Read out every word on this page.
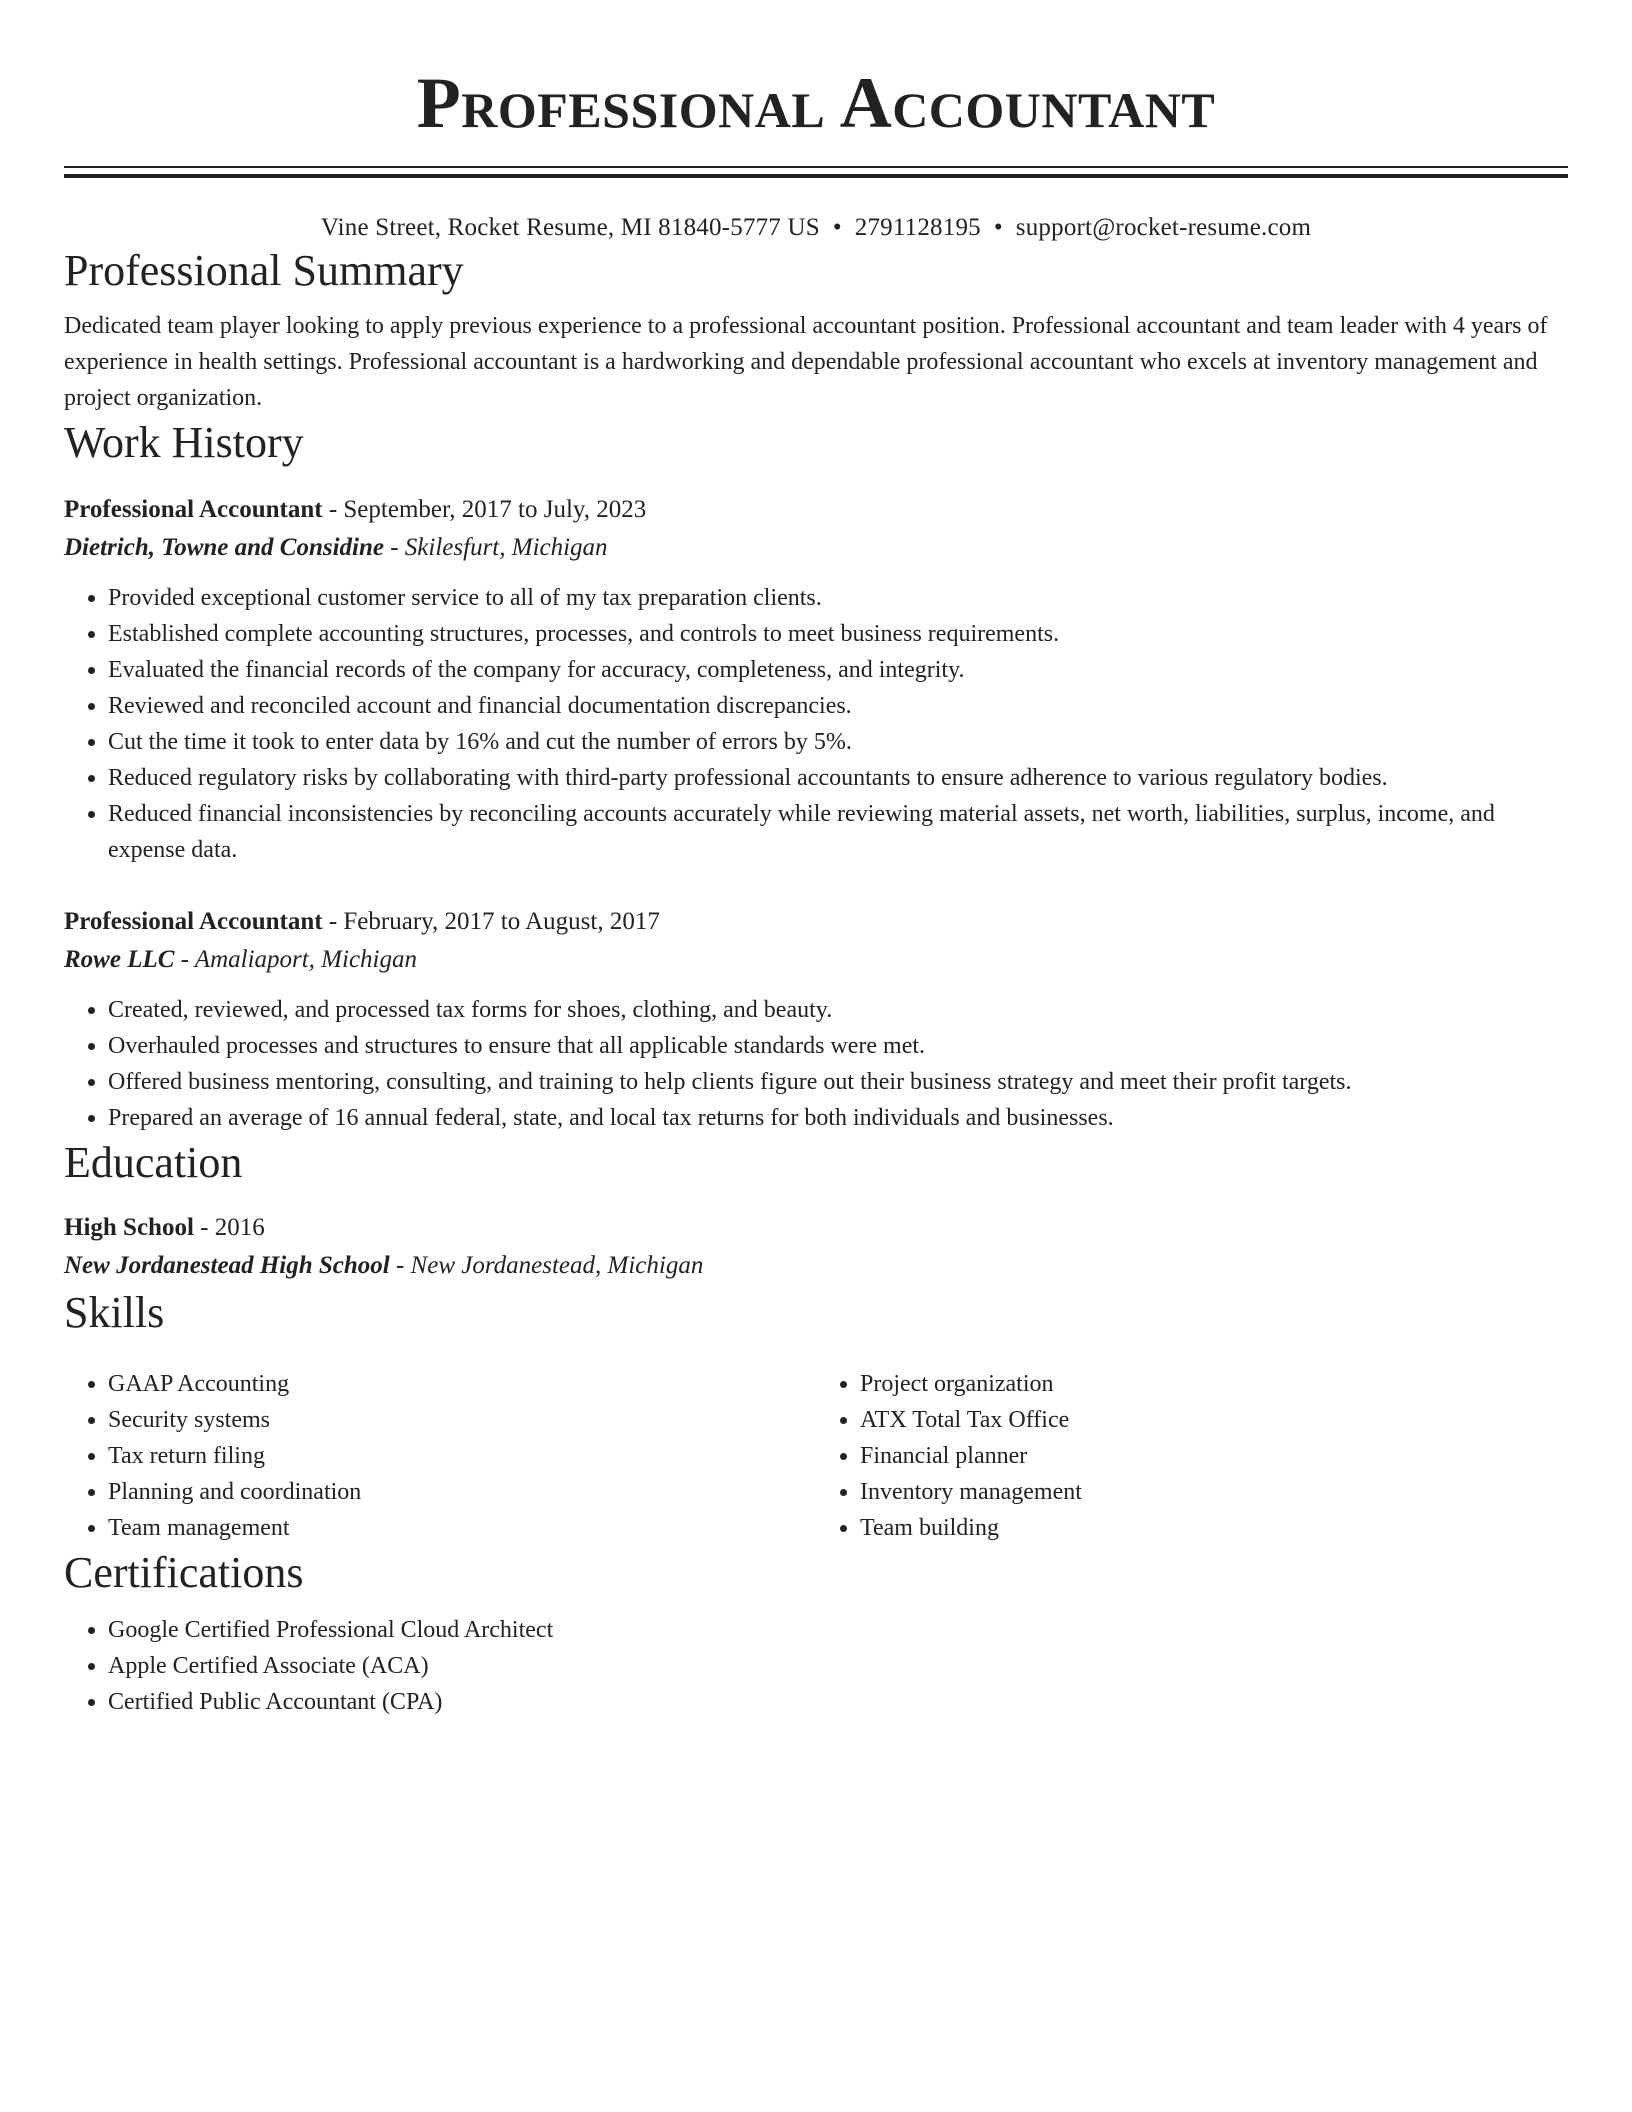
Professional Accountant
Vine Street, Rocket Resume, MI 81840-5777 US • 2791128195 • support@rocket-resume.com
Professional Summary

Dedicated team player looking to apply previous experience to a professional accountant position. Professional accountant and team leader with 4 years of experience in health settings. Professional accountant is a hardworking and dependable professional accountant who excels at inventory management and project organization.

Work History
Professional Accountant - September, 2017 to July, 2023
Dietrich, Towne and Considine - Skilesfurt, Michigan
• Provided exceptional customer service to all of my tax preparation clients.
• Established complete accounting structures, processes, and controls to meet business requirements.
• Evaluated the financial records of the company for accuracy, completeness, and integrity.
• Reviewed and reconciled account and financial documentation discrepancies.
• Cut the time it took to enter data by 16% and cut the number of errors by 5%.
• Reduced regulatory risks by collaborating with third-party professional accountants to ensure adherence to various regulatory bodies.
• Reduced financial inconsistencies by reconciling accounts accurately while reviewing material assets, net worth, liabilities, surplus, income, and expense data.
Professional Accountant - February, 2017 to August, 2017
Rowe LLC - Amaliaport, Michigan
• Created, reviewed, and processed tax forms for shoes, clothing, and beauty.
• Overhauled processes and structures to ensure that all applicable standards were met.
• Offered business mentoring, consulting, and training to help clients figure out their business strategy and meet their profit targets.
• Prepared an average of 16 annual federal, state, and local tax returns for both individuals and businesses.
Education
High School - 2016
New Jordanestead High School - New Jordanestead, Michigan
Skills
• GAAP Accounting
• Security systems
• Tax return filing
• Planning and coordination
• Team management
• Project organization
• ATX Total Tax Office
• Financial planner
• Inventory management
• Team building
Certifications
• Google Certified Professional Cloud Architect
• Apple Certified Associate (ACA)
• Certified Public Accountant (CPA)
